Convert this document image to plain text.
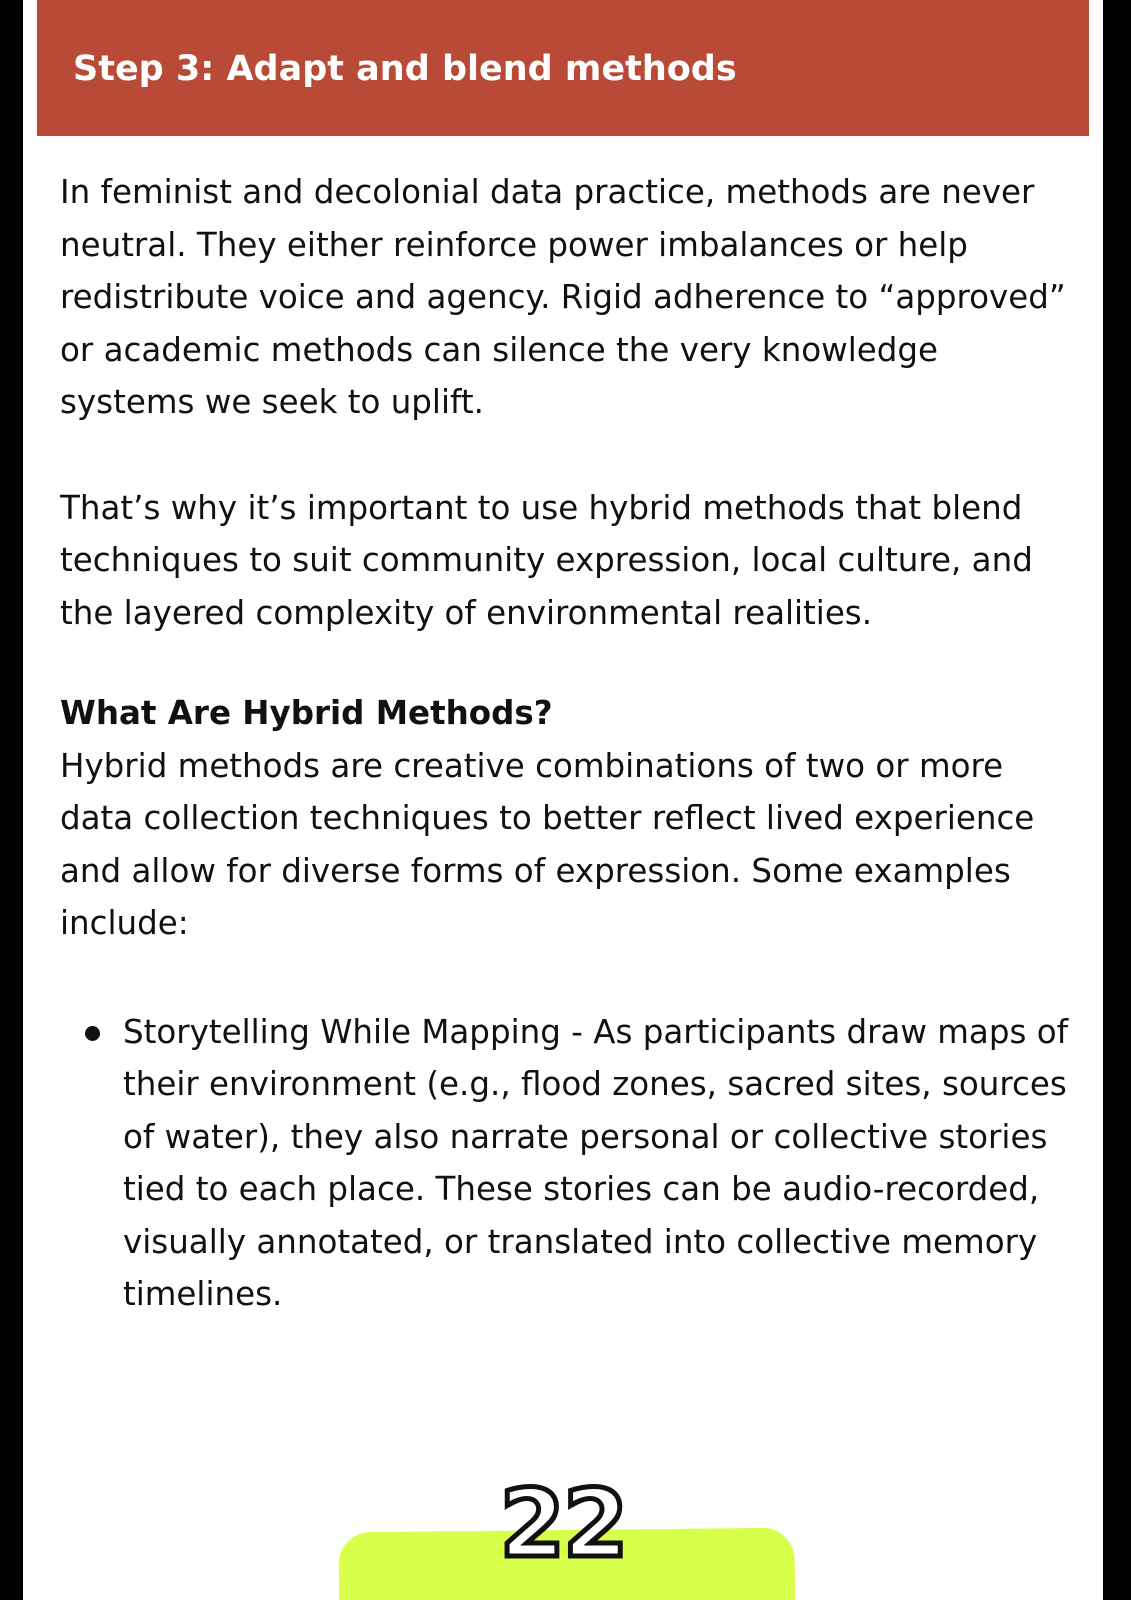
Step 3: Adapt and blend methods

In feminist and decolonial data practice, methods are never neutral. They either reinforce power imbalances or help redistribute voice and agency. Rigid adherence to “approved” or academic methods can silence the very knowledge systems we seek to uplift.

That’s why it’s important to use hybrid methods that blend techniques to suit community expression, local culture, and the layered complexity of environmental realities.

What Are Hybrid Methods?

Hybrid methods are creative combinations of two or more data collection techniques to better reflect lived experience and allow for diverse forms of expression. Some examples include:

Storytelling While Mapping - As participants draw maps of their environment (e.g., flood zones, sacred sites, sources of water), they also narrate personal or collective stories tied to each place. These stories can be audio-recorded, visually annotated, or translated into collective memory timelines.

22
